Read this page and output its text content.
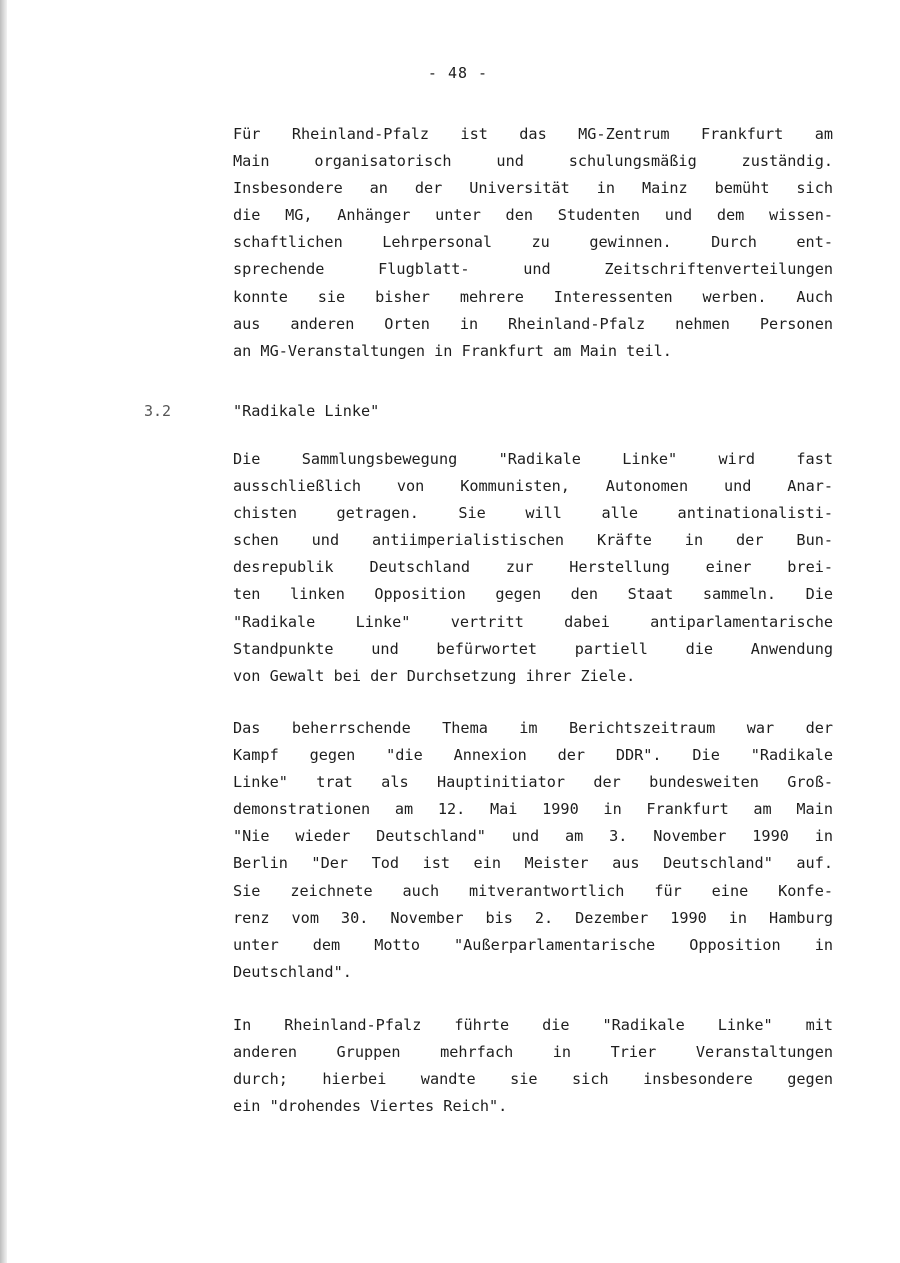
- 48 -

Für Rheinland-Pfalz ist das MG-Zentrum Frankfurt am
Main organisatorisch und schulungsmäßig zuständig.
Insbesondere an der Universität in Mainz bemüht sich
die MG, Anhänger unter den Studenten und dem wissen-
schaftlichen Lehrpersonal zu gewinnen. Durch ent-
sprechende Flugblatt- und Zeitschriftenverteilungen
konnte sie bisher mehrere Interessenten werben. Auch
aus anderen Orten in Rheinland-Pfalz nehmen Personen
an MG-Veranstaltungen in Frankfurt am Main teil.

3.2	"Radikale Linke"

Die Sammlungsbewegung "Radikale Linke" wird fast
ausschließlich von Kommunisten, Autonomen und Anar-
chisten getragen. Sie will alle antinationalisti-
schen und antiimperialistischen Kräfte in der Bun-
desrepublik Deutschland zur Herstellung einer brei-
ten linken Opposition gegen den Staat sammeln. Die
"Radikale Linke" vertritt dabei antiparlamentarische
Standpunkte und befürwortet partiell die Anwendung
von Gewalt bei der Durchsetzung ihrer Ziele.

Das beherrschende Thema im Berichtszeitraum war der
Kampf gegen "die Annexion der DDR". Die "Radikale
Linke" trat als Hauptinitiator der bundesweiten Groß-
demonstrationen am 12. Mai 1990 in Frankfurt am Main
"Nie wieder Deutschland" und am 3. November 1990 in
Berlin "Der Tod ist ein Meister aus Deutschland" auf.
Sie zeichnete auch mitverantwortlich für eine Konfe-
renz vom 30. November bis 2. Dezember 1990 in Hamburg
unter dem Motto "Außerparlamentarische Opposition in
Deutschland".

In Rheinland-Pfalz führte die "Radikale Linke" mit
anderen Gruppen mehrfach in Trier Veranstaltungen
durch; hierbei wandte sie sich insbesondere gegen
ein "drohendes Viertes Reich".
